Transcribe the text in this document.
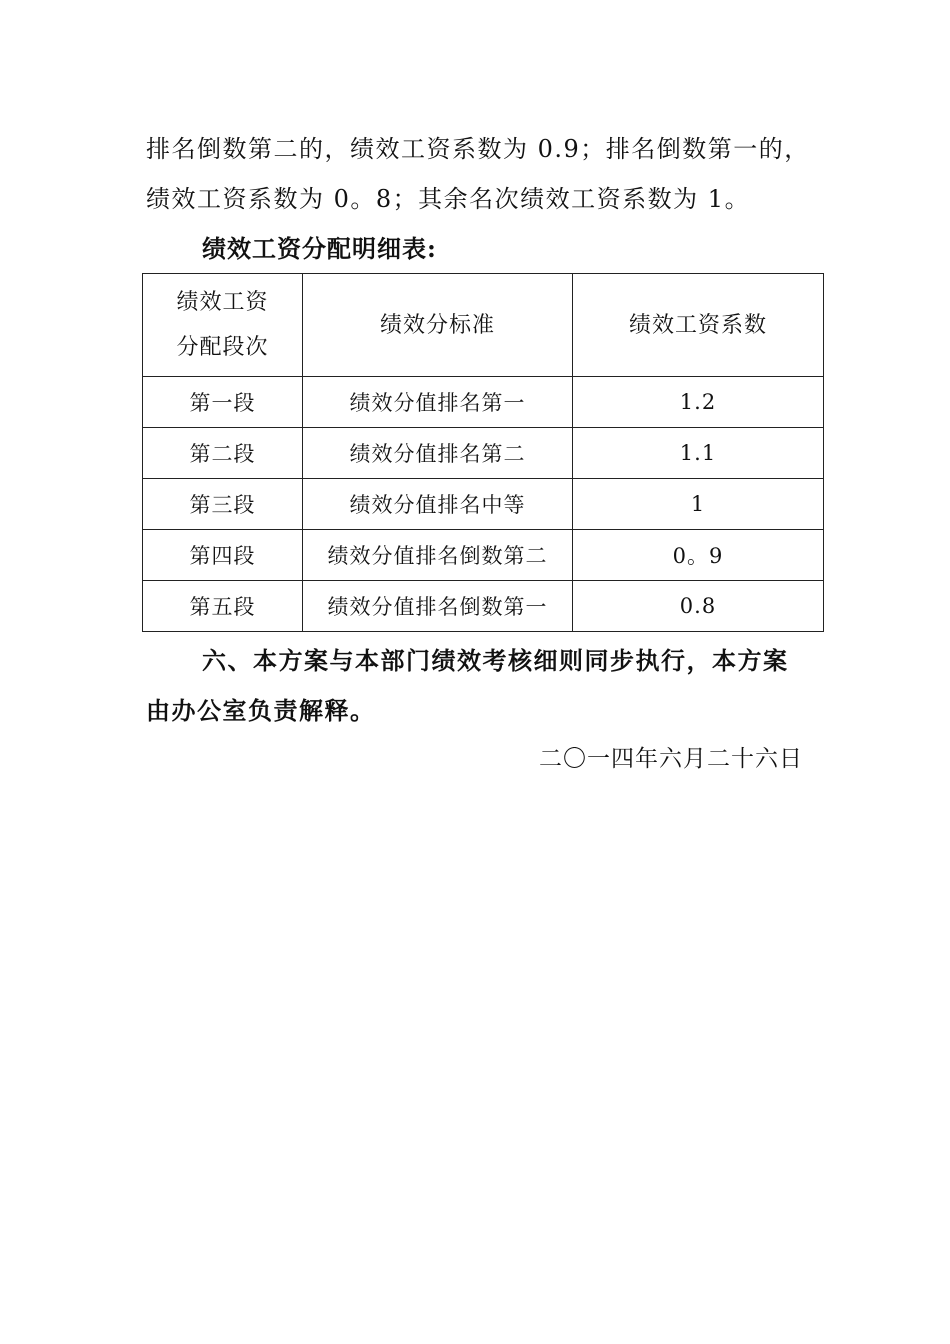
排名倒数第二的，绩效工资系数为 0.9；排名倒数第一的，
绩效工资系数为 0。8；其余名次绩效工资系数为 1。
绩效工资分配明细表:
绩效工资
分配段次	绩效分标准	绩效工资系数
第一段	绩效分值排名第一	1.2
第二段	绩效分值排名第二	1.1
第三段	绩效分值排名中等	1
第四段	绩效分值排名倒数第二	0。9
第五段	绩效分值排名倒数第一	0.8
六、本方案与本部门绩效考核细则同步执行，本方案
由办公室负责解释。
二〇一四年六月二十六日
